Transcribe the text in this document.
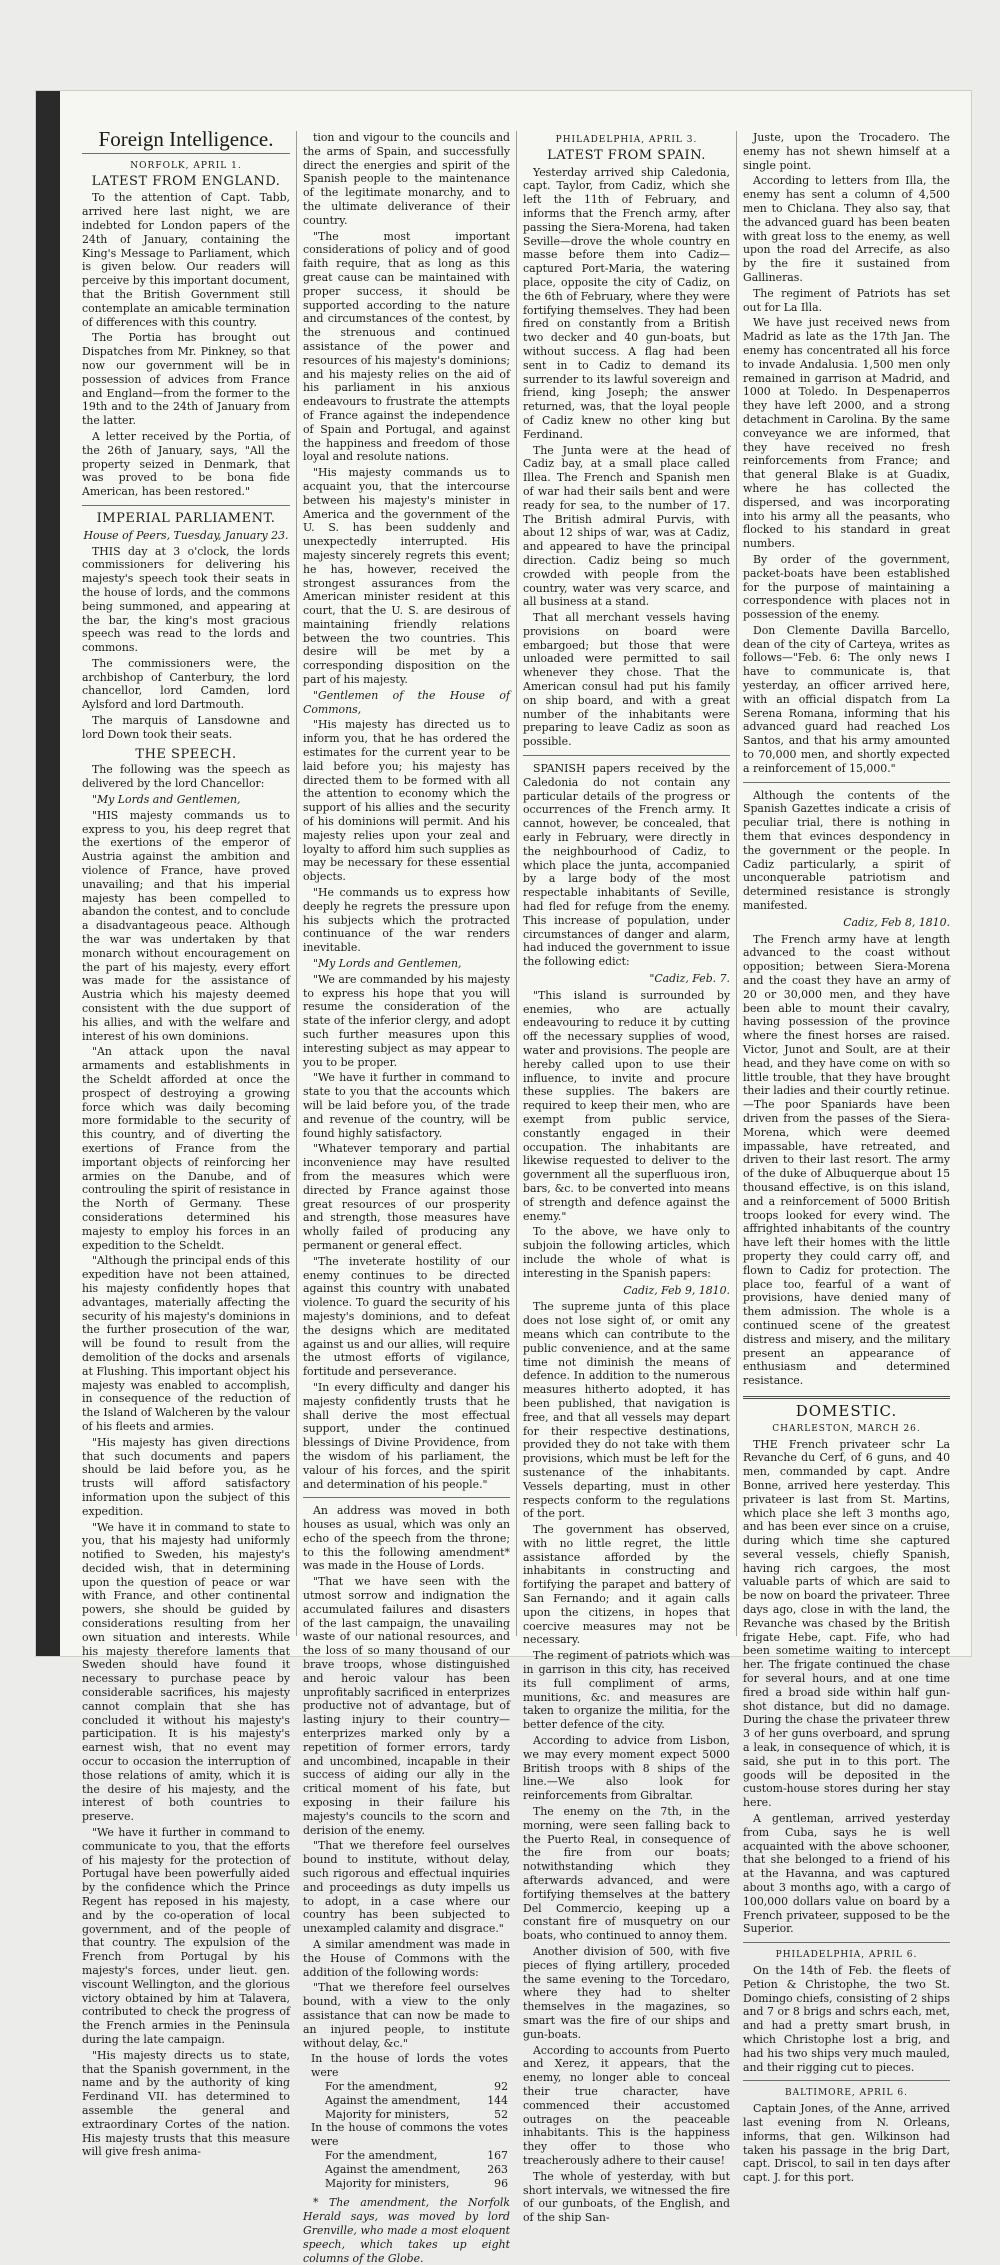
Foreign Intelligence.
NORFOLK, APRIL 1.
LATEST FROM ENGLAND.

To the attention of Capt. Tabb, arrived here last night, we are indebted for London papers of the 24th of January, containing the King's Message to Parliament, which is given below. Our readers will perceive by this important document, that the British Government still contemplate an amicable termination of differences with this country.

The Portia has brought out Dispatches from Mr. Pinkney, so that now our government will be in possession of advices from France and England—from the former to the 19th and to the 24th of January from the latter.

A letter received by the Portia, of the 26th of January, says, "All the property seized in Denmark, that was proved to be bona fide American, has been restored."

IMPERIAL PARLIAMENT.
House of Peers, Tuesday, January 23.

THIS day at 3 o'clock, the lords commissioners for delivering his majesty's speech took their seats in the house of lords, and the commons being summoned, and appearing at the bar, the king's most gracious speech was read to the lords and commons.

The commissioners were, the archbishop of Canterbury, the lord chancellor, lord Camden, lord Aylsford and lord Dartmouth.

The marquis of Lansdowne and lord Down took their seats.

THE SPEECH.

The following was the speech as delivered by the lord Chancellor:

"My Lords and Gentlemen,

"HIS majesty commands us to express to you, his deep regret that the exertions of the emperor of Austria against the ambition and violence of France, have proved unavailing; and that his imperial majesty has been compelled to abandon the contest, and to conclude a disadvantageous peace. Although the war was undertaken by that monarch without encouragement on the part of his majesty, every effort was made for the assistance of Austria which his majesty deemed consistent with the due support of his allies, and with the welfare and interest of his own dominions.

"An attack upon the naval armaments and establishments in the Scheldt afforded at once the prospect of destroying a growing force which was daily becoming more formidable to the security of this country, and of diverting the exertions of France from the important objects of reinforcing her armies on the Danube, and of controuling the spirit of resistance in the North of Germany. These considerations determined his majesty to employ his forces in an expedition to the Scheldt.

"Although the principal ends of this expedition have not been attained, his majesty confidently hopes that advantages, materially affecting the security of his majesty's dominions in the further prosecution of the war, will be found to result from the demolition of the docks and arsenals at Flushing. This important object his majesty was enabled to accomplish, in consequence of the reduction of the Island of Walcheren by the valour of his fleets and armies.

"His majesty has given directions that such documents and papers should be laid before you, as he trusts will afford satisfactory information upon the subject of this expedition.

"We have it in command to state to you, that his majesty had uniformly notified to Sweden, his majesty's decided wish, that in determining upon the question of peace or war with France, and other continental powers, she should be guided by considerations resulting from her own situation and interests. While his majesty therefore laments that Sweden should have found it necessary to purchase peace by considerable sacrifices, his majesty cannot complain that she has concluded it without his majesty's participation. It is his majesty's earnest wish, that no event may occur to occasion the interruption of those relations of amity, which it is the desire of his majesty, and the interest of both countries to preserve.

"We have it further in command to communicate to you, that the efforts of his majesty for the protection of Portugal have been powerfully aided by the confidence which the Prince Regent has reposed in his majesty, and by the co-operation of local government, and of the people of that country. The expulsion of the French from Portugal by his majesty's forces, under lieut. gen. viscount Wellington, and the glorious victory obtained by him at Talavera, contributed to check the progress of the French armies in the Peninsula during the late campaign.

"His majesty directs us to state, that the Spanish government, in the name and by the authority of king Ferdinand VII. has determined to assemble the general and extraordinary Cortes of the nation. His majesty trusts that this measure will give fresh anima-

tion and vigour to the councils and the arms of Spain, and successfully direct the energies and spirit of the Spanish people to the maintenance of the legitimate monarchy, and to the ultimate deliverance of their country.

"The most important considerations of policy and of good faith require, that as long as this great cause can be maintained with proper success, it should be supported according to the nature and circumstances of the contest, by the strenuous and continued assistance of the power and resources of his majesty's dominions; and his majesty relies on the aid of his parliament in his anxious endeavours to frustrate the attempts of France against the independence of Spain and Portugal, and against the happiness and freedom of those loyal and resolute nations.

"His majesty commands us to acquaint you, that the intercourse between his majesty's minister in America and the government of the U. S. has been suddenly and unexpectedly interrupted. His majesty sincerely regrets this event; he has, however, received the strongest assurances from the American minister resident at this court, that the U. S. are desirous of maintaining friendly relations between the two countries. This desire will be met by a corresponding disposition on the part of his majesty.

"Gentlemen of the House of Commons,

"His majesty has directed us to inform you, that he has ordered the estimates for the current year to be laid before you; his majesty has directed them to be formed with all the attention to economy which the support of his allies and the security of his dominions will permit. And his majesty relies upon your zeal and loyalty to afford him such supplies as may be necessary for these essential objects.

"He commands us to express how deeply he regrets the pressure upon his subjects which the protracted continuance of the war renders inevitable.

"My Lords and Gentlemen,

"We are commanded by his majesty to express his hope that you will resume the consideration of the state of the inferior clergy, and adopt such further measures upon this interesting subject as may appear to you to be proper.

"We have it further in command to state to you that the accounts which will be laid before you, of the trade and revenue of the country, will be found highly satisfactory.

"Whatever temporary and partial inconvenience may have resulted from the measures which were directed by France against those great resources of our prosperity and strength, those measures have wholly failed of producing any permanent or general effect.

"The inveterate hostility of our enemy continues to be directed against this country with unabated violence. To guard the security of his majesty's dominions, and to defeat the designs which are meditated against us and our allies, will require the utmost efforts of vigilance, fortitude and perseverance.

"In every difficulty and danger his majesty confidently trusts that he shall derive the most effectual support, under the continued blessings of Divine Providence, from the wisdom of his parliament, the valour of his forces, and the spirit and determination of his people."

An address was moved in both houses as usual, which was only an echo of the speech from the throne; to this the following amendment* was made in the House of Lords.

"That we have seen with the utmost sorrow and indignation the accumulated failures and disasters of the last campaign, the unavailing waste of our national resources, and the loss of so many thousand of our brave troops, whose distinguished and heroic valour has been unprofitably sacrificed in enterprizes productive not of advantage, but of lasting injury to their country—enterprizes marked only by a repetition of former errors, tardy and uncombined, incapable in their success of aiding our ally in the critical moment of his fate, but exposing in their failure his majesty's councils to the scorn and derision of the enemy.

"That we therefore feel ourselves bound to institute, without delay, such rigorous and effectual inquiries and proceedings as duty impells us to adopt, in a case where our country has been subjected to unexampled calamity and disgrace."

A similar amendment was made in the House of Commons with the addition of the following words:

"That we therefore feel ourselves bound, with a view to the only assistance that can now be made to an injured people, to institute without delay, &c."

In the house of lords the votes were	
For the amendment,	92
Against the amendment,	144
Majority for ministers,	52
In the house of commons the votes were	
For the amendment,	167
Against the amendment,	263
Majority for ministers,	96

* The amendment, the Norfolk Herald says, was moved by lord Grenville, who made a most eloquent speech, which takes up eight columns of the Globe.

PHILADELPHIA, APRIL 3.
LATEST FROM SPAIN.

Yesterday arrived ship Caledonia, capt. Taylor, from Cadiz, which she left the 11th of February, and informs that the French army, after passing the Siera-Morena, had taken Seville—drove the whole country en masse before them into Cadiz—captured Port-Maria, the watering place, opposite the city of Cadiz, on the 6th of February, where they were fortifying themselves. They had been fired on constantly from a British two decker and 40 gun-boats, but without success. A flag had been sent in to Cadiz to demand its surrender to its lawful sovereign and friend, king Joseph; the answer returned, was, that the loyal people of Cadiz knew no other king but Ferdinand.

The Junta were at the head of Cadiz bay, at a small place called Illea. The French and Spanish men of war had their sails bent and were ready for sea, to the number of 17. The British admiral Purvis, with about 12 ships of war, was at Cadiz, and appeared to have the principal direction. Cadiz being so much crowded with people from the country, water was very scarce, and all business at a stand.

That all merchant vessels having provisions on board were embargoed; but those that were unloaded were permitted to sail whenever they chose. That the American consul had put his family on ship board, and with a great number of the inhabitants were preparing to leave Cadiz as soon as possible.

SPANISH papers received by the Caledonia do not contain any particular details of the progress or occurrences of the French army. It cannot, however, be concealed, that early in February, were directly in the neighbourhood of Cadiz, to which place the junta, accompanied by a large body of the most respectable inhabitants of Seville, had fled for refuge from the enemy. This increase of population, under circumstances of danger and alarm, had induced the government to issue the following edict:

"Cadiz, Feb. 7.

"This island is surrounded by enemies, who are actually endeavouring to reduce it by cutting off the necessary supplies of wood, water and provisions. The people are hereby called upon to use their influence, to invite and procure these supplies. The bakers are required to keep their men, who are exempt from public service, constantly engaged in their occupation. The inhabitants are likewise requested to deliver to the government all the superfluous iron, bars, &c. to be converted into means of strength and defence against the enemy."

To the above, we have only to subjoin the following articles, which include the whole of what is interesting in the Spanish papers:

Cadiz, Feb 9, 1810.

The supreme junta of this place does not lose sight of, or omit any means which can contribute to the public convenience, and at the same time not diminish the means of defence. In addition to the numerous measures hitherto adopted, it has been published, that navigation is free, and that all vessels may depart for their respective destinations, provided they do not take with them provisions, which must be left for the sustenance of the inhabitants. Vessels departing, must in other respects conform to the regulations of the port.

The government has observed, with no little regret, the little assistance afforded by the inhabitants in constructing and fortifying the parapet and battery of San Fernando; and it again calls upon the citizens, in hopes that coercive measures may not be necessary.

The regiment of patriots which was in garrison in this city, has received its full compliment of arms, munitions, &c. and measures are taken to organize the militia, for the better defence of the city.

According to advice from Lisbon, we may every moment expect 5000 British troops with 8 ships of the line.—We also look for reinforcements from Gibraltar.

The enemy on the 7th, in the morning, were seen falling back to the Puerto Real, in consequence of the fire from our boats; notwithstanding which they afterwards advanced, and were fortifying themselves at the battery Del Commercio, keeping up a constant fire of musquetry on our boats, who continued to annoy them.

Another division of 500, with five pieces of flying artillery, proceded the same evening to the Torcedaro, where they had to shelter themselves in the magazines, so smart was the fire of our ships and gun-boats.

According to accounts from Puerto and Xerez, it appears, that the enemy, no longer able to conceal their true character, have commenced their accustomed outrages on the peaceable inhabitants. This is the happiness they offer to those who treacherously adhere to their cause!

The whole of yesterday, with but short intervals, we witnessed the fire of our gunboats, of the English, and of the ship San-

Juste, upon the Trocadero. The enemy has not shewn himself at a single point.

According to letters from Illa, the enemy has sent a column of 4,500 men to Chiclana. They also say, that the advanced guard has been beaten with great loss to the enemy, as well upon the road del Arrecife, as also by the fire it sustained from Gallineras.

The regiment of Patriots has set out for La Illa.

We have just received news from Madrid as late as the 17th Jan. The enemy has concentrated all his force to invade Andalusia. 1,500 men only remained in garrison at Madrid, and 1000 at Toledo. In Despenaperros they have left 2000, and a strong detachment in Carolina. By the same conveyance we are informed, that they have received no fresh reinforcements from France; and that general Blake is at Guadix, where he has collected the dispersed, and was incorporating into his army all the peasants, who flocked to his standard in great numbers.

By order of the government, packet-boats have been established for the purpose of maintaining a correspondence with places not in possession of the enemy.

Don Clemente Davilla Barcello, dean of the city of Carteya, writes as follows—"Feb. 6: The only news I have to communicate is, that yesterday, an officer arrived here, with an official dispatch from La Serena Romana, informing that his advanced guard had reached Los Santos, and that his army amounted to 70,000 men, and shortly expected a reinforcement of 15,000."

Although the contents of the Spanish Gazettes indicate a crisis of peculiar trial, there is nothing in them that evinces despondency in the government or the people. In Cadiz particularly, a spirit of unconquerable patriotism and determined resistance is strongly manifested.

Cadiz, Feb 8, 1810.

The French army have at length advanced to the coast without opposition; between Siera-Morena and the coast they have an army of 20 or 30,000 men, and they have been able to mount their cavalry, having possession of the province where the finest horses are raised. Victor, Junot and Soult, are at their head, and they have come on with so little trouble, that they have brought their ladies and their courtly retinue.—The poor Spaniards have been driven from the passes of the Siera-Morena, which were deemed impassable, have retreated, and driven to their last resort. The army of the duke of Albuquerque about 15 thousand effective, is on this island, and a reinforcement of 5000 British troops looked for every wind. The affrighted inhabitants of the country have left their homes with the little property they could carry off, and flown to Cadiz for protection. The place too, fearful of a want of provisions, have denied many of them admission. The whole is a continued scene of the greatest distress and misery, and the military present an appearance of enthusiasm and determined resistance.

DOMESTIC.
CHARLESTON, MARCH 26.

THE French privateer schr La Revanche du Cerf, of 6 guns, and 40 men, commanded by capt. Andre Bonne, arrived here yesterday. This privateer is last from St. Martins, which place she left 3 months ago, and has been ever since on a cruise, during which time she captured several vessels, chiefly Spanish, having rich cargoes, the most valuable parts of which are said to be now on board the privateer. Three days ago, close in with the land, the Revanche was chased by the British frigate Hebe, capt. Fife, who had been sometime waiting to intercept her. The frigate continued the chase for several hours, and at one time fired a broad side within half gun-shot distance, but did no damage. During the chase the privateer threw 3 of her guns overboard, and sprung a leak, in consequence of which, it is said, she put in to this port. The goods will be deposited in the custom-house stores during her stay here.

A gentleman, arrived yesterday from Cuba, says he is well acquainted with the above schooner, that she belonged to a friend of his at the Havanna, and was captured about 3 months ago, with a cargo of 100,000 dollars value on board by a French privateer, supposed to be the Superior.

PHILADELPHIA, APRIL 6.

On the 14th of Feb. the fleets of Petion & Christophe, the two St. Domingo chiefs, consisting of 2 ships and 7 or 8 brigs and schrs each, met, and had a pretty smart brush, in which Christophe lost a brig, and had his two ships very much mauled, and their rigging cut to pieces.

BALTIMORE, APRIL 6.

Captain Jones, of the Anne, arrived last evening from N. Orleans, informs, that gen. Wilkinson had taken his passage in the brig Dart, capt. Driscol, to sail in ten days after capt. J. for this port.
